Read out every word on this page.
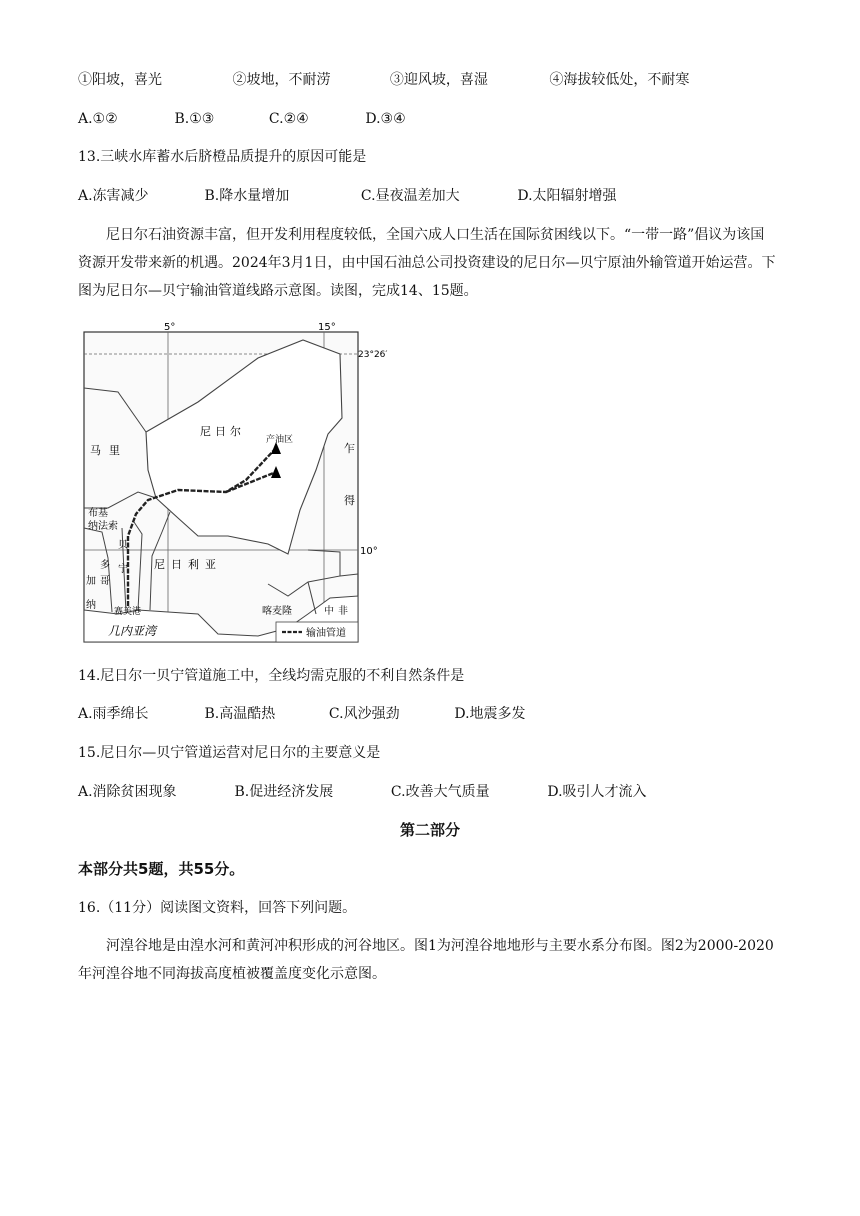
①阳坡，喜光	②坡地，不耐涝	③迎风坡，喜湿	④海拔较低处，不耐寒
A.①②	B.①③	C.②④	D.③④
13.三峡水库蓄水后脐橙品质提升的原因可能是
A.冻害减少	B.降水量增加	C.昼夜温差加大	D.太阳辐射增强
尼日尔石油资源丰富，但开发利用程度较低，全国六成人口生活在国际贫困线以下。“一带一路”倡议为该国资源开发带来新的机遇。2024年3月1日，由中国石油总公司投资建设的尼日尔—贝宁原油外输管道开始运营。下图为尼日尔—贝宁输油管道线路示意图。读图，完成14、15题。
5°	15°
23°26′
10°
尼日尔
马里	乍
得
布基
纳法索
贝
宁
多
哥
加
纳
尼日利亚
喀麦隆	中非
产油区
赛美港
几内亚湾	输油管道
14.尼日尔一贝宁管道施工中，全线均需克服的不利自然条件是
A.雨季绵长	B.高温酷热	C.风沙强劲	D.地震多发
15.尼日尔—贝宁管道运营对尼日尔的主要意义是
A.消除贫困现象	B.促进经济发展	C.改善大气质量	D.吸引人才流入
第二部分
本部分共5题，共55分。
16.（11分）阅读图文资料，回答下列问题。
河湟谷地是由湟水河和黄河冲积形成的河谷地区。图1为河湟谷地地形与主要水系分布图。图2为2000-2020年河湟谷地不同海拔高度植被覆盖度变化示意图。
